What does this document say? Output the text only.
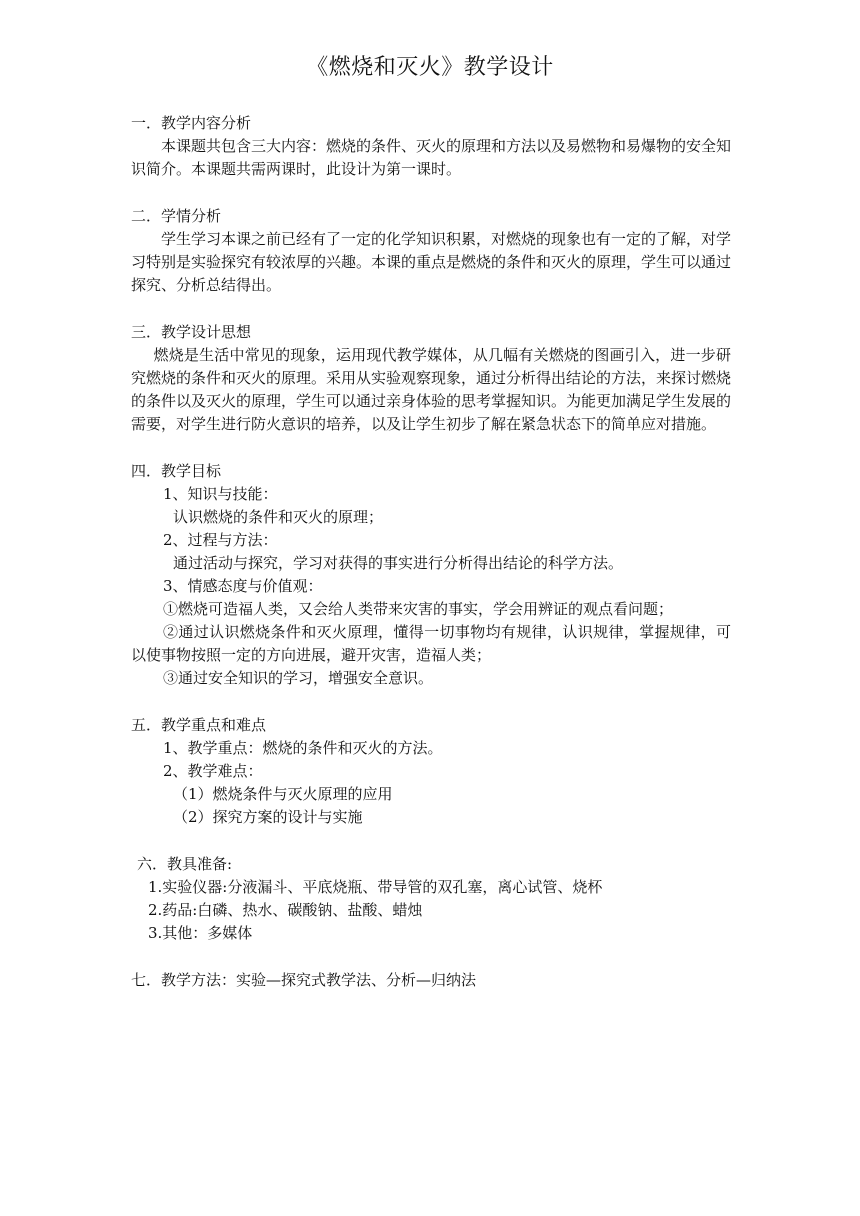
《燃烧和灭火》教学设计

一．教学内容分析

本课题共包含三大内容：燃烧的条件、灭火的原理和方法以及易燃物和易爆物的安全知识简介。本课题共需两课时，此设计为第一课时。

二．学情分析

学生学习本课之前已经有了一定的化学知识积累，对燃烧的现象也有一定的了解，对学习特别是实验探究有较浓厚的兴趣。本课的重点是燃烧的条件和灭火的原理，学生可以通过探究、分析总结得出。

三．教学设计思想

燃烧是生活中常见的现象，运用现代教学媒体，从几幅有关燃烧的图画引入，进一步研究燃烧的条件和灭火的原理。采用从实验观察现象，通过分析得出结论的方法，来探讨燃烧的条件以及灭火的原理，学生可以通过亲身体验的思考掌握知识。为能更加满足学生发展的需要，对学生进行防火意识的培养，以及让学生初步了解在紧急状态下的简单应对措施。

四．教学目标

1、知识与技能：

认识燃烧的条件和灭火的原理；

2、过程与方法：

通过活动与探究，学习对获得的事实进行分析得出结论的科学方法。

3、情感态度与价值观：

①燃烧可造福人类，又会给人类带来灾害的事实，学会用辨证的观点看问题；

②通过认识燃烧条件和灭火原理，懂得一切事物均有规律，认识规律，掌握规律，可以使事物按照一定的方向进展，避开灾害，造福人类；

③通过安全知识的学习，增强安全意识。

五．教学重点和难点

1、教学重点：燃烧的条件和灭火的方法。

2、教学难点：

（1）燃烧条件与灭火原理的应用

（2）探究方案的设计与实施

六．教具准备:

1.实验仪器:分液漏斗、平底烧瓶、带导管的双孔塞，离心试管、烧杯

2.药品:白磷、热水、碳酸钠、盐酸、蜡烛

3.其他：多媒体

七．教学方法：实验—探究式教学法、分析—归纳法
